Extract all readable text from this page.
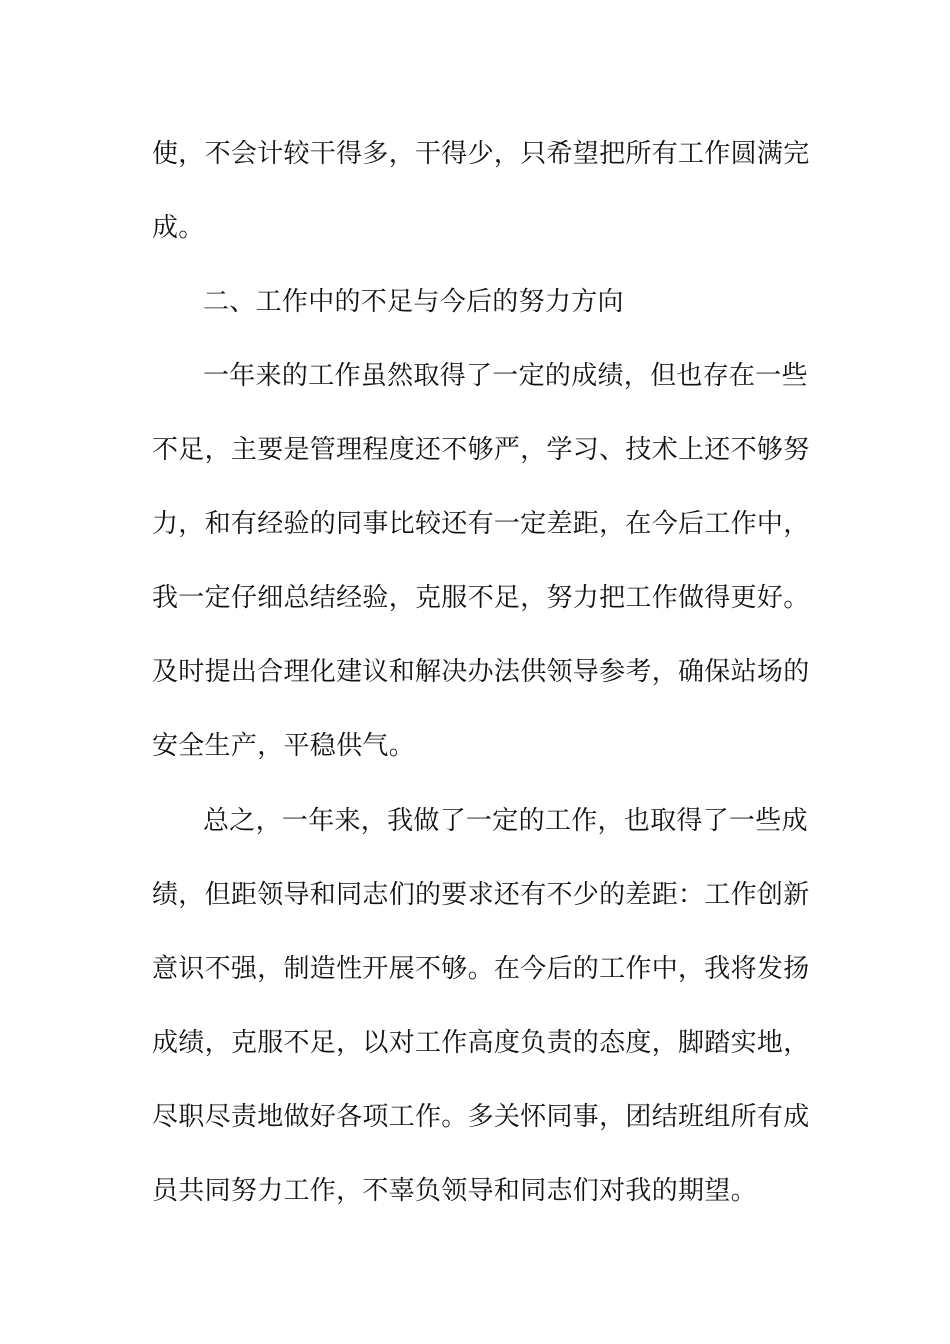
使，不会计较干得多，干得少，只希望把所有工作圆满完
成。
二、工作中的不足与今后的努力方向
一年来的工作虽然取得了一定的成绩，但也存在一些
不足，主要是管理程度还不够严，学习、技术上还不够努
力，和有经验的同事比较还有一定差距，在今后工作中，
我一定仔细总结经验，克服不足，努力把工作做得更好。
及时提出合理化建议和解决办法供领导参考，确保站场的
安全生产，平稳供气。
总之，一年来，我做了一定的工作，也取得了一些成
绩，但距领导和同志们的要求还有不少的差距：工作创新
意识不强，制造性开展不够。在今后的工作中，我将发扬
成绩，克服不足，以对工作高度负责的态度，脚踏实地，
尽职尽责地做好各项工作。多关怀同事，团结班组所有成
员共同努力工作，不辜负领导和同志们对我的期望。
